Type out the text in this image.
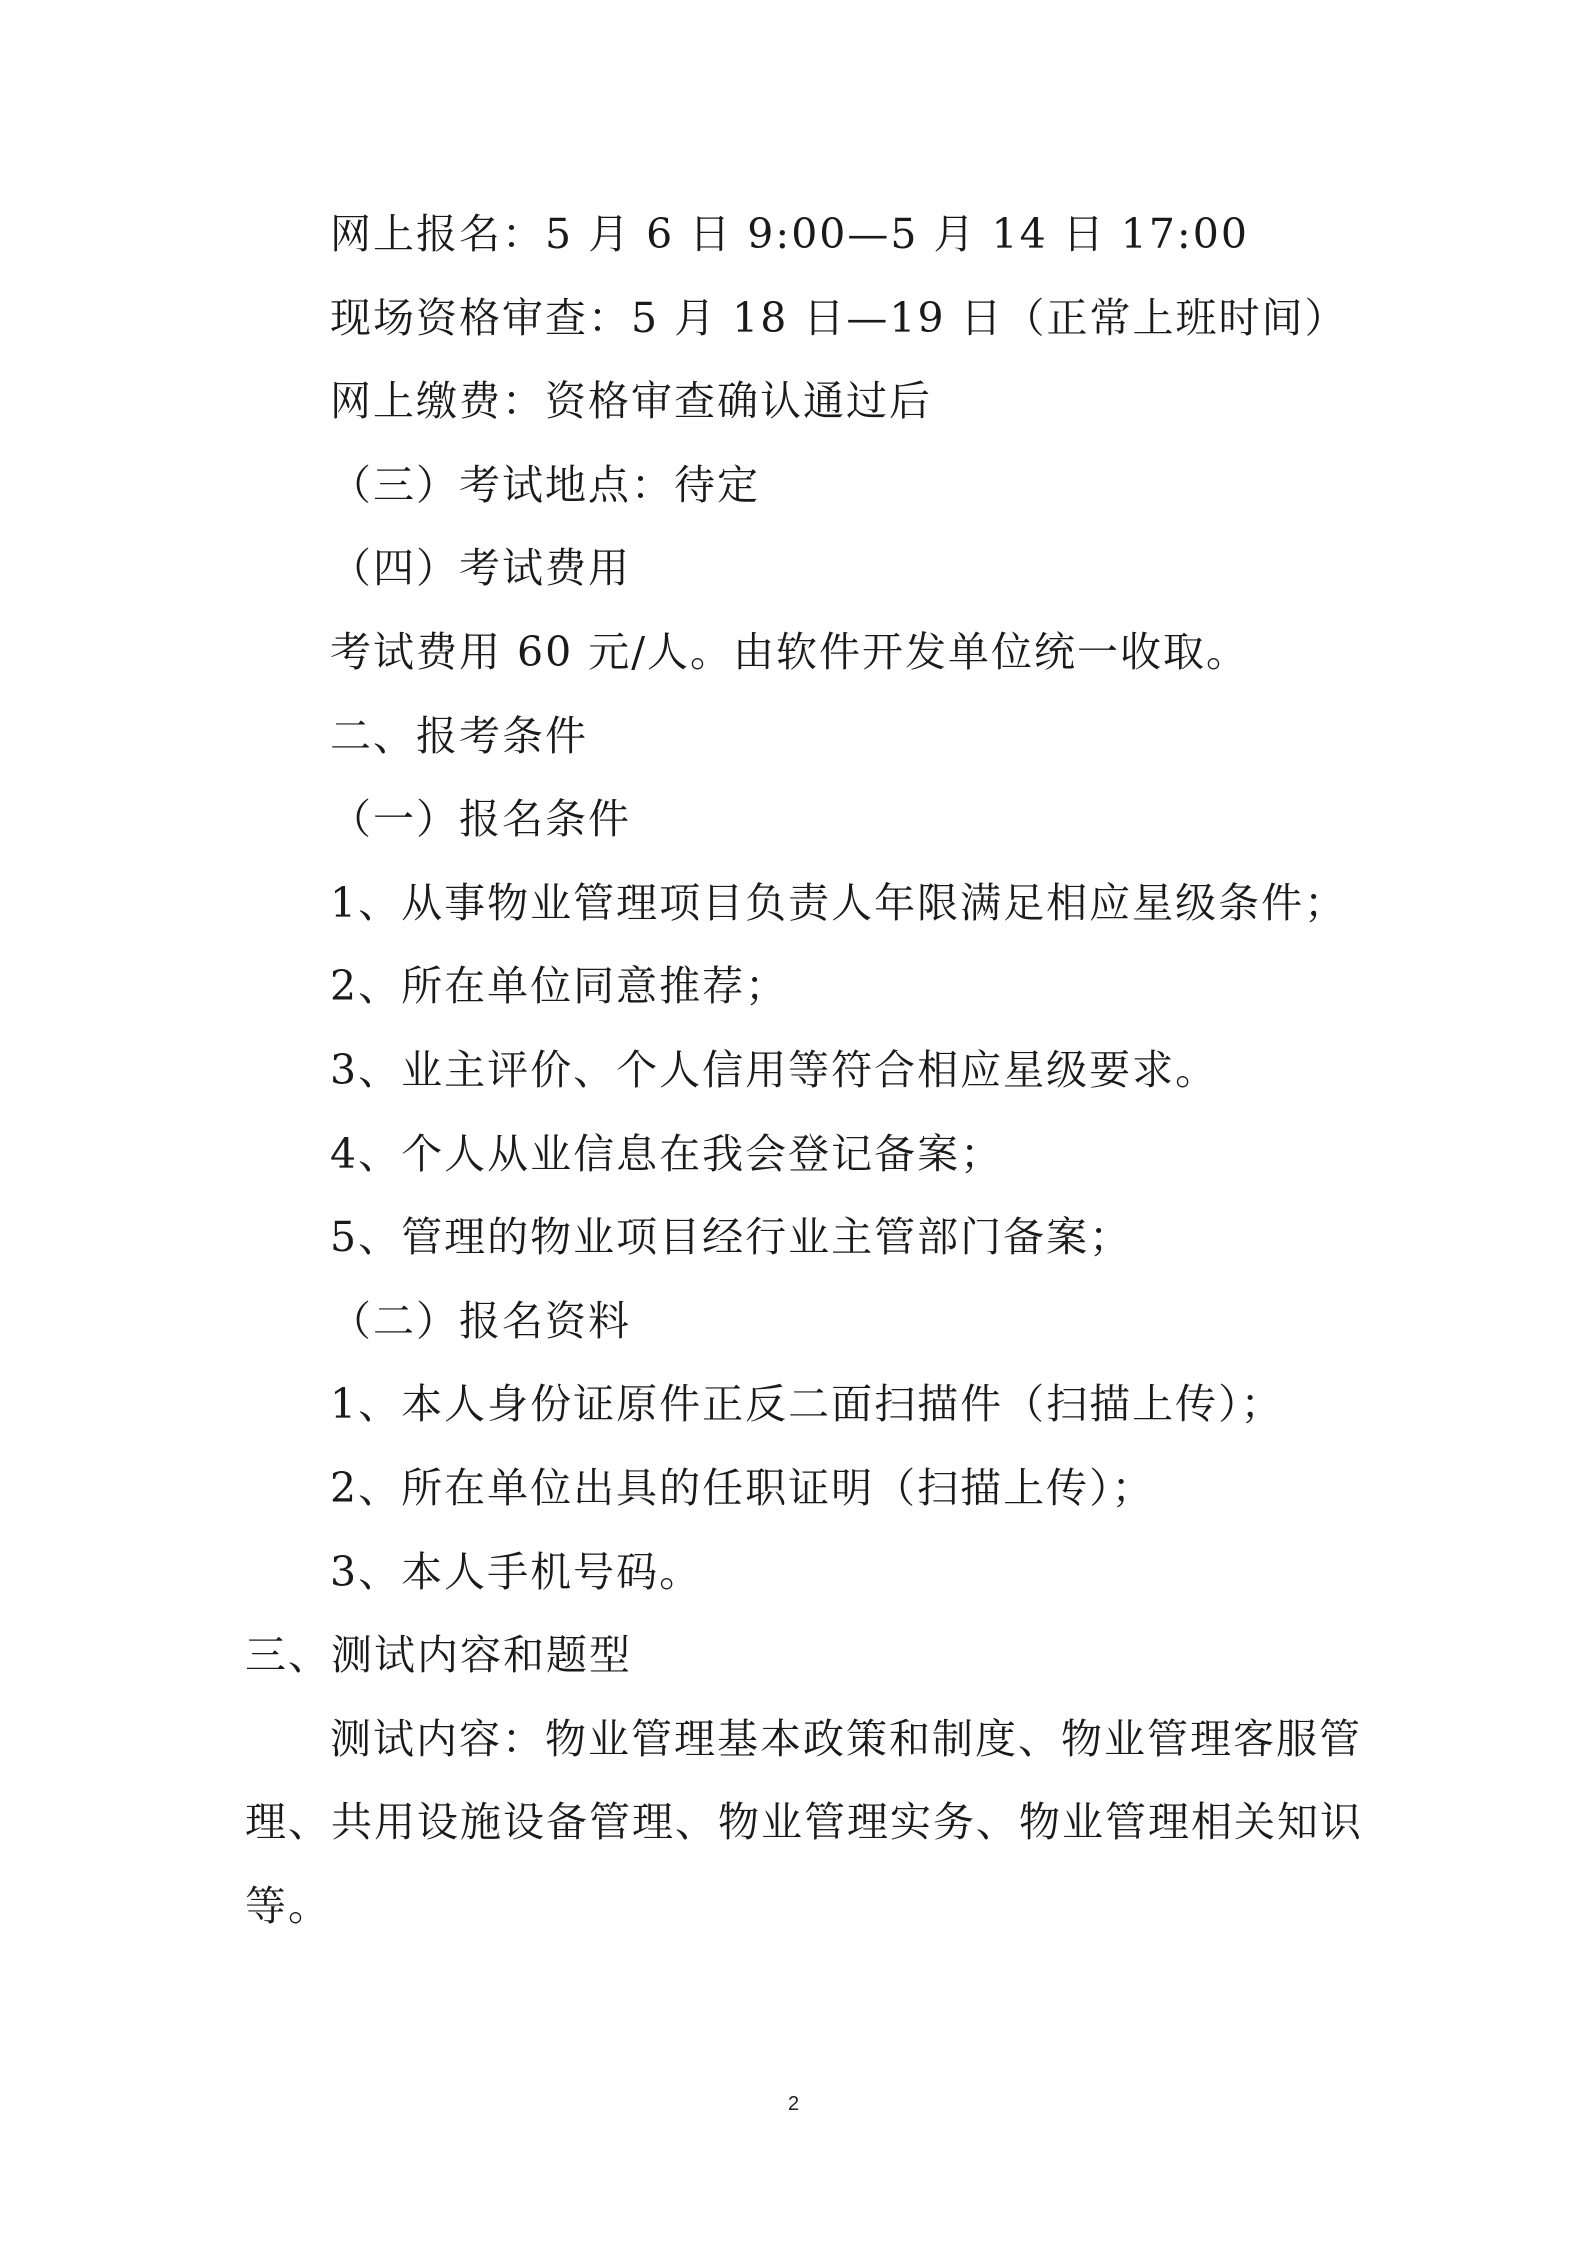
网上报名：5 月 6 日 9:00—5 月 14 日 17:00
现场资格审查：5 月 18 日—19 日（正常上班时间）
网上缴费：资格审查确认通过后
（三）考试地点：待定
（四）考试费用
考试费用 60 元/人。由软件开发单位统一收取。
二、报考条件
（一）报名条件
1、从事物业管理项目负责人年限满足相应星级条件；
2、所在单位同意推荐；
3、业主评价、个人信用等符合相应星级要求。
4、个人从业信息在我会登记备案；
5、管理的物业项目经行业主管部门备案；
（二）报名资料
1、本人身份证原件正反二面扫描件（扫描上传）；
2、所在单位出具的任职证明（扫描上传）；
3、本人手机号码。
三、测试内容和题型
测试内容：物业管理基本政策和制度、物业管理客服管
理、共用设施设备管理、物业管理实务、物业管理相关知识
等。
2
